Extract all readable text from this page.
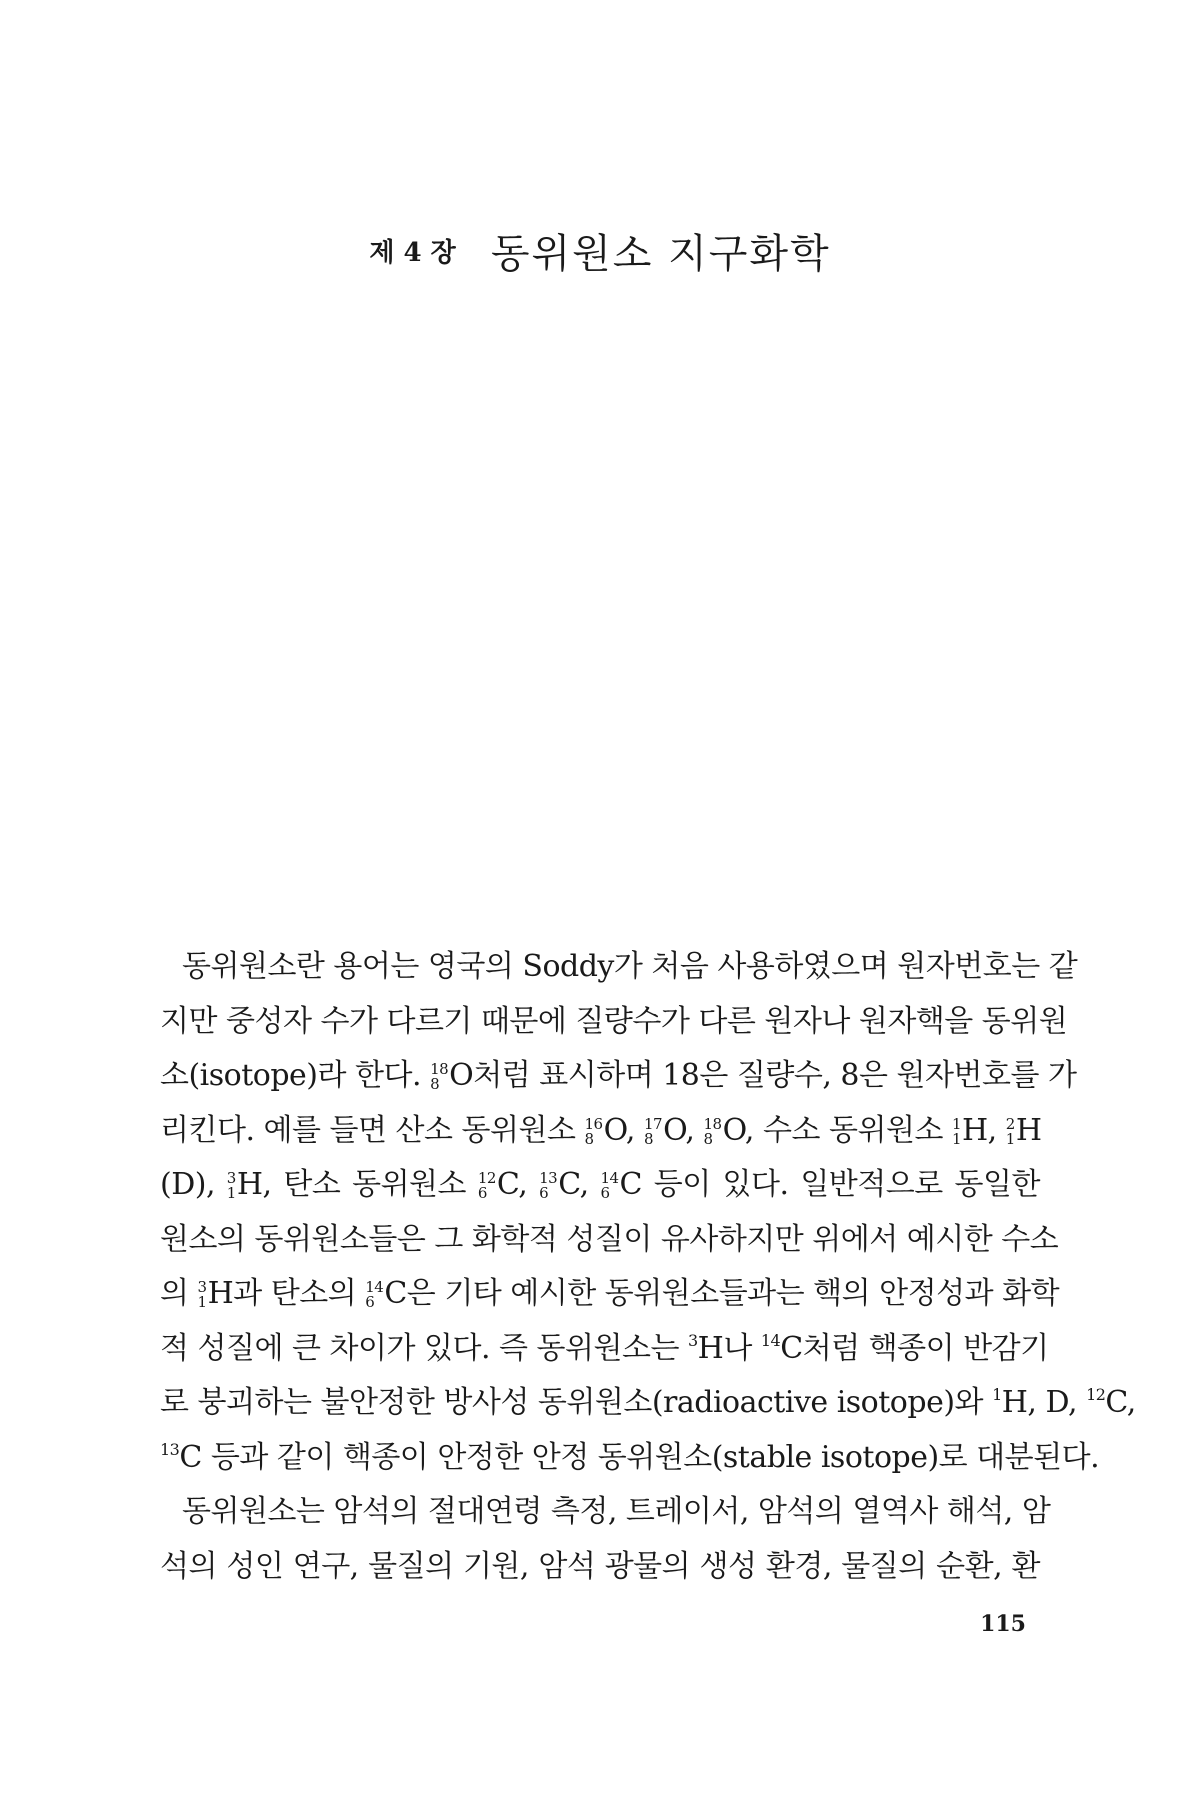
제 4 장 동위원소 지구화학
동위원소란 용어는 영국의 Soddy가 처음 사용하였으며 원자번호는 같
지만 중성자 수가 다르기 때문에 질량수가 다른 원자나 원자핵을 동위원
소(isotope)라 한다. 18
8 O처럼 표시하며 18은 질량수, 8은 원자번호를 가
리킨다. 예를 들면 산소 동위원소 16
8 O, 17
8 O, 18
8 O, 수소 동위원소 1
1 H, 2
1 H
(D), 3
1 H, 탄소 동위원소 12
6 C, 13
6 C, 14
6 C 등이 있다. 일반적으로 동일한
원소의 동위원소들은 그 화학적 성질이 유사하지만 위에서 예시한 수소
의 3
1 H과 탄소의 14
6 C은 기타 예시한 동위원소들과는 핵의 안정성과 화학
적 성질에 큰 차이가 있다. 즉 동위원소는 $^3$H나 $^{14}$C처럼 핵종이 반감기
로 붕괴하는 불안정한 방사성 동위원소(radioactive isotope)와 $^1$H, D, $^{12}$C,
$^{13}$C 등과 같이 핵종이 안정한 안정 동위원소(stable isotope)로 대분된다.
동위원소는 암석의 절대연령 측정, 트레이서, 암석의 열역사 해석, 암
석의 성인 연구, 물질의 기원, 암석 광물의 생성 환경, 물질의 순환, 환
115
